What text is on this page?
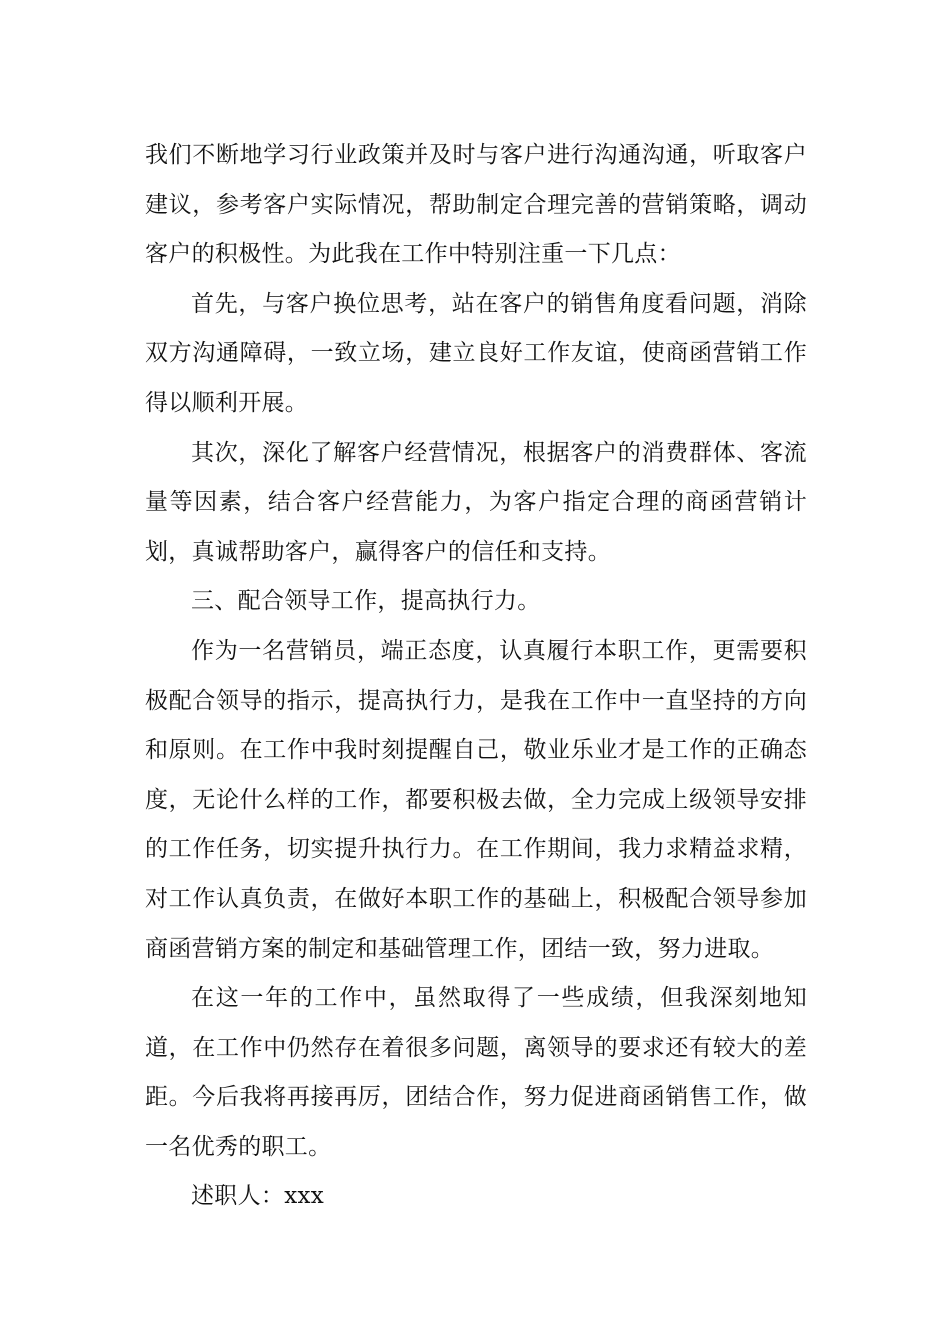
我们不断地学习行业政策并及时与客户进行沟通沟通，听取客户建议，参考客户实际情况，帮助制定合理完善的营销策略，调动客户的积极性。为此我在工作中特别注重一下几点：

首先，与客户换位思考，站在客户的销售角度看问题，消除双方沟通障碍，一致立场，建立良好工作友谊，使商函营销工作得以顺利开展。

其次，深化了解客户经营情况，根据客户的消费群体、客流量等因素，结合客户经营能力，为客户指定合理的商函营销计划，真诚帮助客户，赢得客户的信任和支持。

三、配合领导工作，提高执行力。

作为一名营销员，端正态度，认真履行本职工作，更需要积极配合领导的指示，提高执行力，是我在工作中一直坚持的方向和原则。在工作中我时刻提醒自己，敬业乐业才是工作的正确态度，无论什么样的工作，都要积极去做，全力完成上级领导安排的工作任务，切实提升执行力。在工作期间，我力求精益求精，对工作认真负责，在做好本职工作的基础上，积极配合领导参加商函营销方案的制定和基础管理工作，团结一致，努力进取。

在这一年的工作中，虽然取得了一些成绩，但我深刻地知道，在工作中仍然存在着很多问题，离领导的要求还有较大的差距。今后我将再接再厉，团结合作，努力促进商函销售工作，做一名优秀的职工。

述职人：xxx
